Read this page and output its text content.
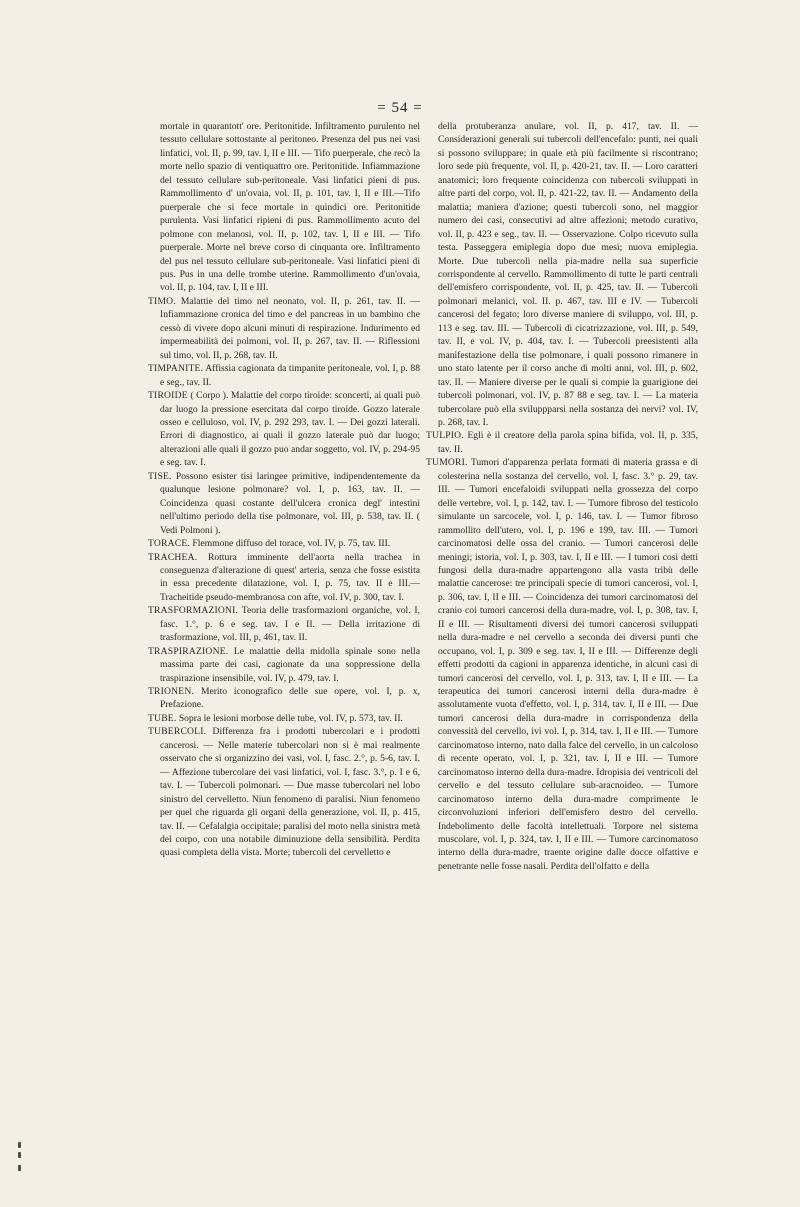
= 54 =

mortale in quarantott' ore. Peritonitide. Infiltramento purulento nel tessuto cellulare sottostante al peritoneo. Presenza del pus nei vasi linfatici, vol. II, p. 99, tav. I, II e III. — Tifo puerperale, che recò la morte nello spazio di ventiquattro ore. Peritonitide. Infiammazione del tessuto cellulare sub-peritoneale. Vasi linfatici pieni di pus. Rammollimento d' un'ovaia, vol. II, p. 101, tav. I, II e III.—Tifo puerperale che si fece mortale in quindici ore. Peritonitide purulenta. Vasi linfatici ripieni di pus. Rammollimento acuto del polmone con melanosi, vol. II, p. 102, tav. I, II e III. — Tifo puerperale. Morte nel breve corso di cinquanta ore. Infiltramento del pus nel tessuto cellulare sub-peritoneale. Vasi linfatici pieni di pus. Pus in una delle trombe uterine. Rammollimento d'un'ovaia, vol. II, p. 104, tav. I, II e III.

TIMO. Malattie del timo nel neonato, vol. II, p. 261, tav. II. — Infiammazione cronica del timo e del pancreas in un bambino che cessò di vivere dopo alcuni minuti di respirazione. Indurimento ed impermeabilità dei polmoni, vol. II, p. 267, tav. II. — Riflessioni sul timo, vol. II, p. 268, tav. II.

TIMPANITE. Affissia cagionata da timpanite peritoneale, vol. I, p. 88 e seg., tav. II.

TIROIDE ( Corpo ). Malattie del corpo tiroide: sconcerti, ai quali può dar luogo la pressione esercitata dal corpo tiroide. Gozzo laterale osseo e celluloso, vol. IV, p. 292 293, tav. I. — Dei gozzi laterali. Errori di diagnostico, ai quali il gozzo laterale può dar luogo; alterazioni alle quali il gozzo puo andar soggetto, vol. IV, p. 294-95 e seg. tav. I.

TISE. Possono esister tisi laringee primitive, indipendentemente da qualunque lesione polmonare? vol. I, p. 163, tav. II. — Coincidenza quasi costante dell'ulcera cronica degl' intestini nell'ultimo periodo della tise polmonare, vol. III, p. 538, tav. II. ( Vedi Polmoni ).

TORACE. Flemmone diffuso del torace, vol. IV, p. 75, tav. III.

TRACHEA. Rottura imminente dell'aorta nella trachea in conseguenza d'alterazione di quest' arteria, senza che fosse esistita in essa precedente dilatazione, vol. I, p. 75, tav. II e III.—Tracheitide pseudo-membranosa con afte, vol. IV, p. 300, tav. I.

TRASFORMAZIONI. Teoria delle trasformazioni organiche, vol. I, fasc. 1.°, p. 6 e seg. tav. I e II. — Della irritazione di trasformazione, vol. III, p, 461, tav. II.

TRASPIRAZIONE. Le malattie della midolla spinale sono nella massima parte dei casi, cagionate da una soppressione della traspirazione insensibile, vol. IV, p. 479, tav. I.

TRIONEN. Merito iconografico delle sue opere, vol. I, p. x, Prefazione.

TUBE. Sopra le lesioni morbose delle tube, vol. IV, p. 573, tav. II.

TUBERCOLI. Differenza fra i prodotti tubercolari e i prodotti cancerosi. — Nelle materie tubercolari non si è mai realmente osservato che si organizzino dei vasi, vol. I, fasc. 2.°, p. 5-6, tav. I. — Affezione tubercolare dei vasi linfatici, vol. I, fasc. 3.°, p. I e 6, tav. I. — Tubercoli polmonari. — Due masse tubercolari nel lobo sinistro del cervelletto. Niun fenomeno di paralisi. Niun fenomeno per quel che riguarda gli organi della generazione, vol. II, p. 415, tav. II. — Cefalalgia occipitale; paralisi del moto nella sinistra metà del corpo, con una notabile diminuzione della sensibilità. Perdita quasi completa della vista. Morte; tubercoli del cervelletto e

della protuberanza anulare, vol. II, p. 417, tav. II. — Considerazioni generali sui tubercoli dell'encefalo: punti, nei quali si possono sviluppare; in quale età più facilmente si riscontrano; loro sede più frequente, vol. II, p. 420-21, tav. II. — Loro caratteri anatomici; loro frequente coincidenza con tubercoli sviluppati in altre parti del corpo, vol. II, p. 421-22, tav. II. — Andamento della malattia; maniera d'azione; questi tubercoli sono, nel maggior numero dei casi, consecutivi ad altre affezioni; metodo curativo, vol. II, p. 423 e seg., tav. II. — Osservazione. Colpo ricevuto sulla testa. Passeggera emiplegia dopo due mesi; nuova emiplegia. Morte. Due tubercoli nella pia-madre nella sua superficie corrispondente al cervello. Rammollimento di tutte le parti centrali dell'emisfero corrispondente, vol. II, p. 425, tav. II. — Tubercoli polmonari melanici, vol. II. p. 467, tav. III e IV. — Tubercoli cancerosi del fegato; loro diverse maniere di sviluppo, vol. III, p. 113 e seg. tav. III. — Tubercoli di cicatrizzazione, vol. III, p. 549, tav. II, e vol. IV, p. 404, tav. I. — Tubercoli preesistenti alla manifestazione della tise polmonare, i quali possono rimanere in uno stato latente per il corso anche di molti anni, vol. III, p. 602, tav. II. — Maniere diverse per le quali si compie la guarigione dei tubercoli polmonari, vol. IV, p. 87 88 e seg. tav. I. — La materia tubercolare può ella sviluppparsi nella sostanza dei nervi? vol. IV, p. 268, tav. I.

TULPIO. Egli è il creatore della parola spina bifida, vol. II, p. 335, tav. II.

TUMORI. Tumori d'apparenza perlata formati di materia grassa e di colesterina nella sostanza del cervello, vol. I, fasc. 3.° p. 29, tav. III. — Tumori encefaloidi sviluppati nella grossezza del corpo delle vertebre, vol. I, p. 142, tav. I. — Tumore fibroso del testicolo simulante un sarcocele, vol. I, p. 146, tav. I. — Tumor fibroso rammollito dell'utero, vol. I, p. 196 e 199, tav. III. — Tumori carcinomatosi delle ossa del cranio. — Tumori cancerosi delle meningi; istoria, vol. I, p. 303, tav. I, II e III. — I tumori così detti fungosi della dura-madre appartengono alla vasta tribù delle malattie cancerose: tre principali specie di tumori cancerosi, vol. I, p. 306, tav. I, II e III. — Coincidenza dei tumori carcinomatosi del cranio coi tumori cancerosi della dura-madre, vol. I, p. 308, tav. I, II e III. — Risultamenti diversi dei tumori cancerosi sviluppati nella dura-madre e nel cervello a seconda dei diversi punti che occupano, vol. I, p. 309 e seg. tav. I, II e III. — Differenze degli effetti prodotti da cagioni in apparenza identiche, in alcuni casi di tumori cancerosi del cervello, vol. I, p. 313, tav. I, II e III. — La terapeutica dei tumori cancerosi interni della dura-madre è assolutamente vuota d'effetto, vol. I, p. 314, tav. I, II e III. — Due tumori cancerosi della dura-madre in corrispondenza della convessità del cervello, ivi vol. I, p. 314, tav. I, II e III. — Tumore carcinomatoso interno, nato dalla falce del cervello, in un calcoloso di recente operato, vol. I, p. 321, tav. I, II e III. — Tumore carcinomatoso interno della dura-madre. Idropisia dei ventricoli del cervello e del tessuto cellulare sub-aracnoideo. — Tumore carcinomatoso interno della dura-madre comprimente le circonvoluzioni inferiori dell'emisfero destro del cervello. Indebolimento delle facoltà intellettuali. Torpore nel sistema muscolare, vol. I, p. 324, tav. I, II e III. — Tumore carcinomatoso interno della dura-madre, traente origine dalle docce olfattive e penetrante nelle fosse nasali. Perdita dell'olfatto e della
